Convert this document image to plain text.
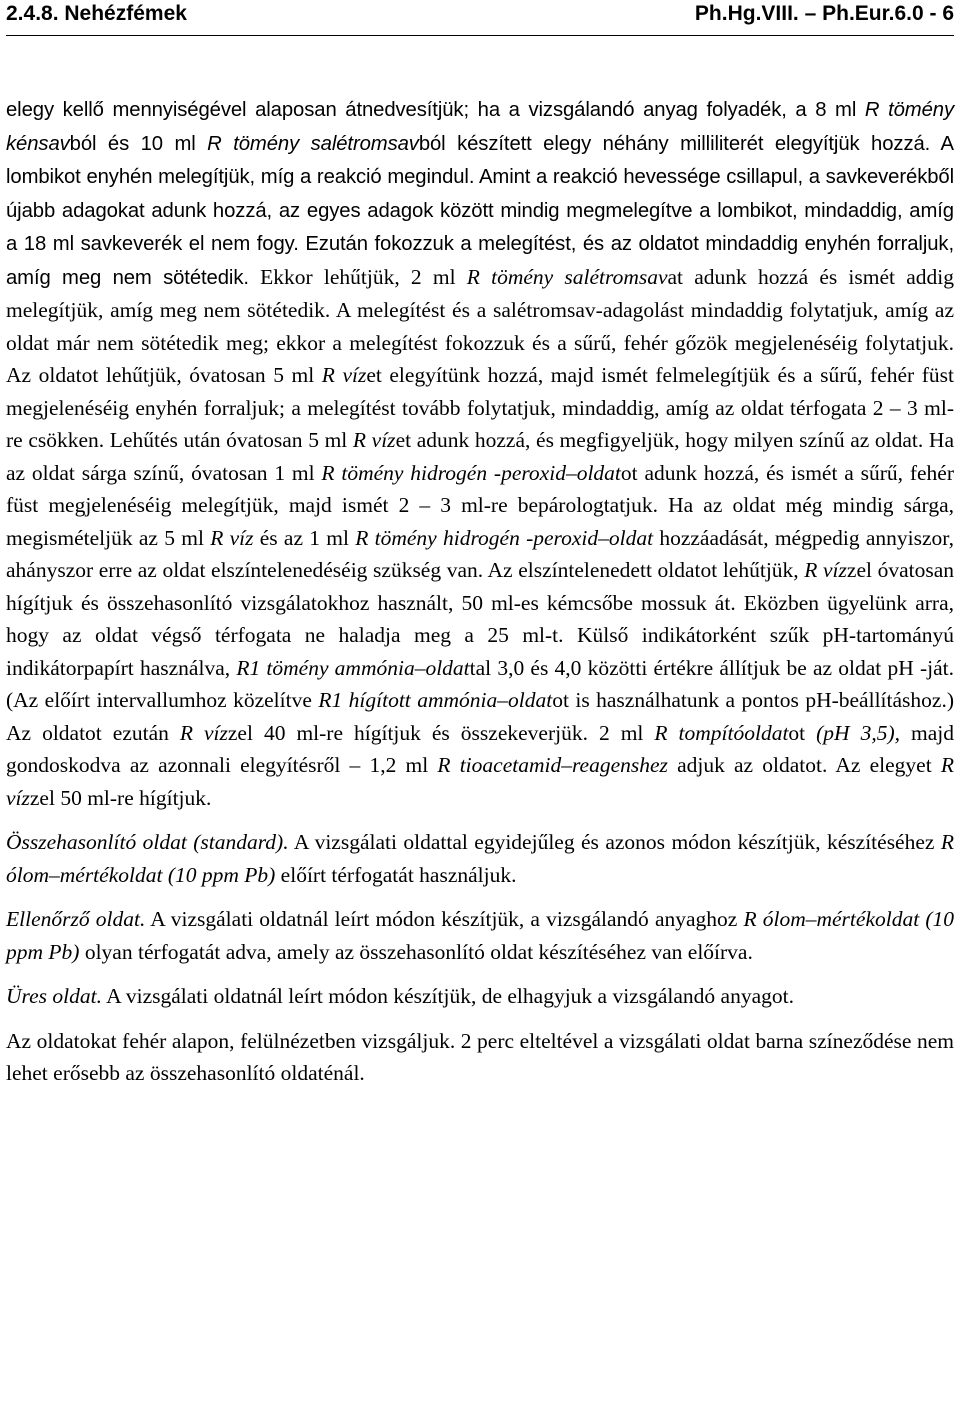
2.4.8. Nehézfémek	Ph.Hg.VIII. – Ph.Eur.6.0 - 6

elegy kellő mennyiségével alaposan átnedvesítjük; ha a vizsgálandó anyag folyadék, a 8 ml R tömény kénsavból és 10 ml R tömény salétromsavból készített elegy néhány milliliterét elegyítjük hozzá. A lombikot enyhén melegítjük, míg a reakció megindul. Amint a reakció hevessége csillapul, a savkeverékből újabb adagokat adunk hozzá, az egyes adagok között mindig megmelegítve a lombikot, mindaddig, amíg a 18 ml savkeverék el nem fogy. Ezután fokozzuk a melegítést, és az oldatot mindaddig enyhén forraljuk, amíg meg nem sötétedik. Ekkor lehűtjük, 2 ml R tömény salétromsavat adunk hozzá és ismét addig melegítjük, amíg meg nem sötétedik. A melegítést és a salétromsav-adagolást mindaddig folytatjuk, amíg az oldat már nem sötétedik meg; ekkor a melegítést fokozzuk és a sűrű, fehér gőzök megjelenéséig folytatjuk. Az oldatot lehűtjük, óvatosan 5 ml R vízet elegyítünk hozzá, majd ismét felmelegítjük és a sűrű, fehér füst megjelenéséig enyhén forraljuk; a melegítést tovább folytatjuk, mindaddig, amíg az oldat térfogata 2 – 3 ml-re csökken. Lehűtés után óvatosan 5 ml R vízet adunk hozzá, és megfigyeljük, hogy milyen színű az oldat. Ha az oldat sárga színű, óvatosan 1 ml R tömény hidrogén -peroxid–oldatot adunk hozzá, és ismét a sűrű, fehér füst megjelenéséig melegítjük, majd ismét 2 – 3 ml-re bepárologtatjuk. Ha az oldat még mindig sárga, megismételjük az 5 ml R víz és az 1 ml R tömény hidrogén -peroxid–oldat hozzáadását, mégpedig annyiszor, ahányszor erre az oldat elszíntelenedéséig szükség van. Az elszíntelenedett oldatot lehűtjük, R vízzel óvatosan hígítjuk és összehasonlító vizsgálatokhoz használt, 50 ml-es kémcsőbe mossuk át. Eközben ügyelünk arra, hogy az oldat végső térfogata ne haladja meg a 25 ml-t. Külső indikátorként szűk pH-tartományú indikátorpapírt használva, R1 tömény ammónia–oldattal 3,0 és 4,0 közötti értékre állítjuk be az oldat pH -ját. (Az előírt intervallumhoz közelítve R1 hígított ammónia–oldatot is használhatunk a pontos pH-beállításhoz.) Az oldatot ezután R vízzel 40 ml-re hígítjuk és összekeverjük. 2 ml R tompítóoldatot (pH 3,5), majd gondoskodva az azonnali elegyítésről – 1,2 ml R tioacetamid–reagenshez adjuk az oldatot. Az elegyet R vízzel 50 ml-re hígítjuk.

Összehasonlító oldat (standard). A vizsgálati oldattal egyidejűleg és azonos módon készítjük, készítéséhez R ólom–mértékoldat (10 ppm Pb) előírt térfogatát használjuk.

Ellenőrző oldat. A vizsgálati oldatnál leírt módon készítjük, a vizsgálandó anyaghoz R ólom–mértékoldat (10 ppm Pb) olyan térfogatát adva, amely az összehasonlító oldat készítéséhez van előírva.

Üres oldat. A vizsgálati oldatnál leírt módon készítjük, de elhagyjuk a vizsgálandó anyagot.

Az oldatokat fehér alapon, felülnézetben vizsgáljuk. 2 perc elteltével a vizsgálati oldat barna színeződése nem lehet erősebb az összehasonlító oldaténál.
